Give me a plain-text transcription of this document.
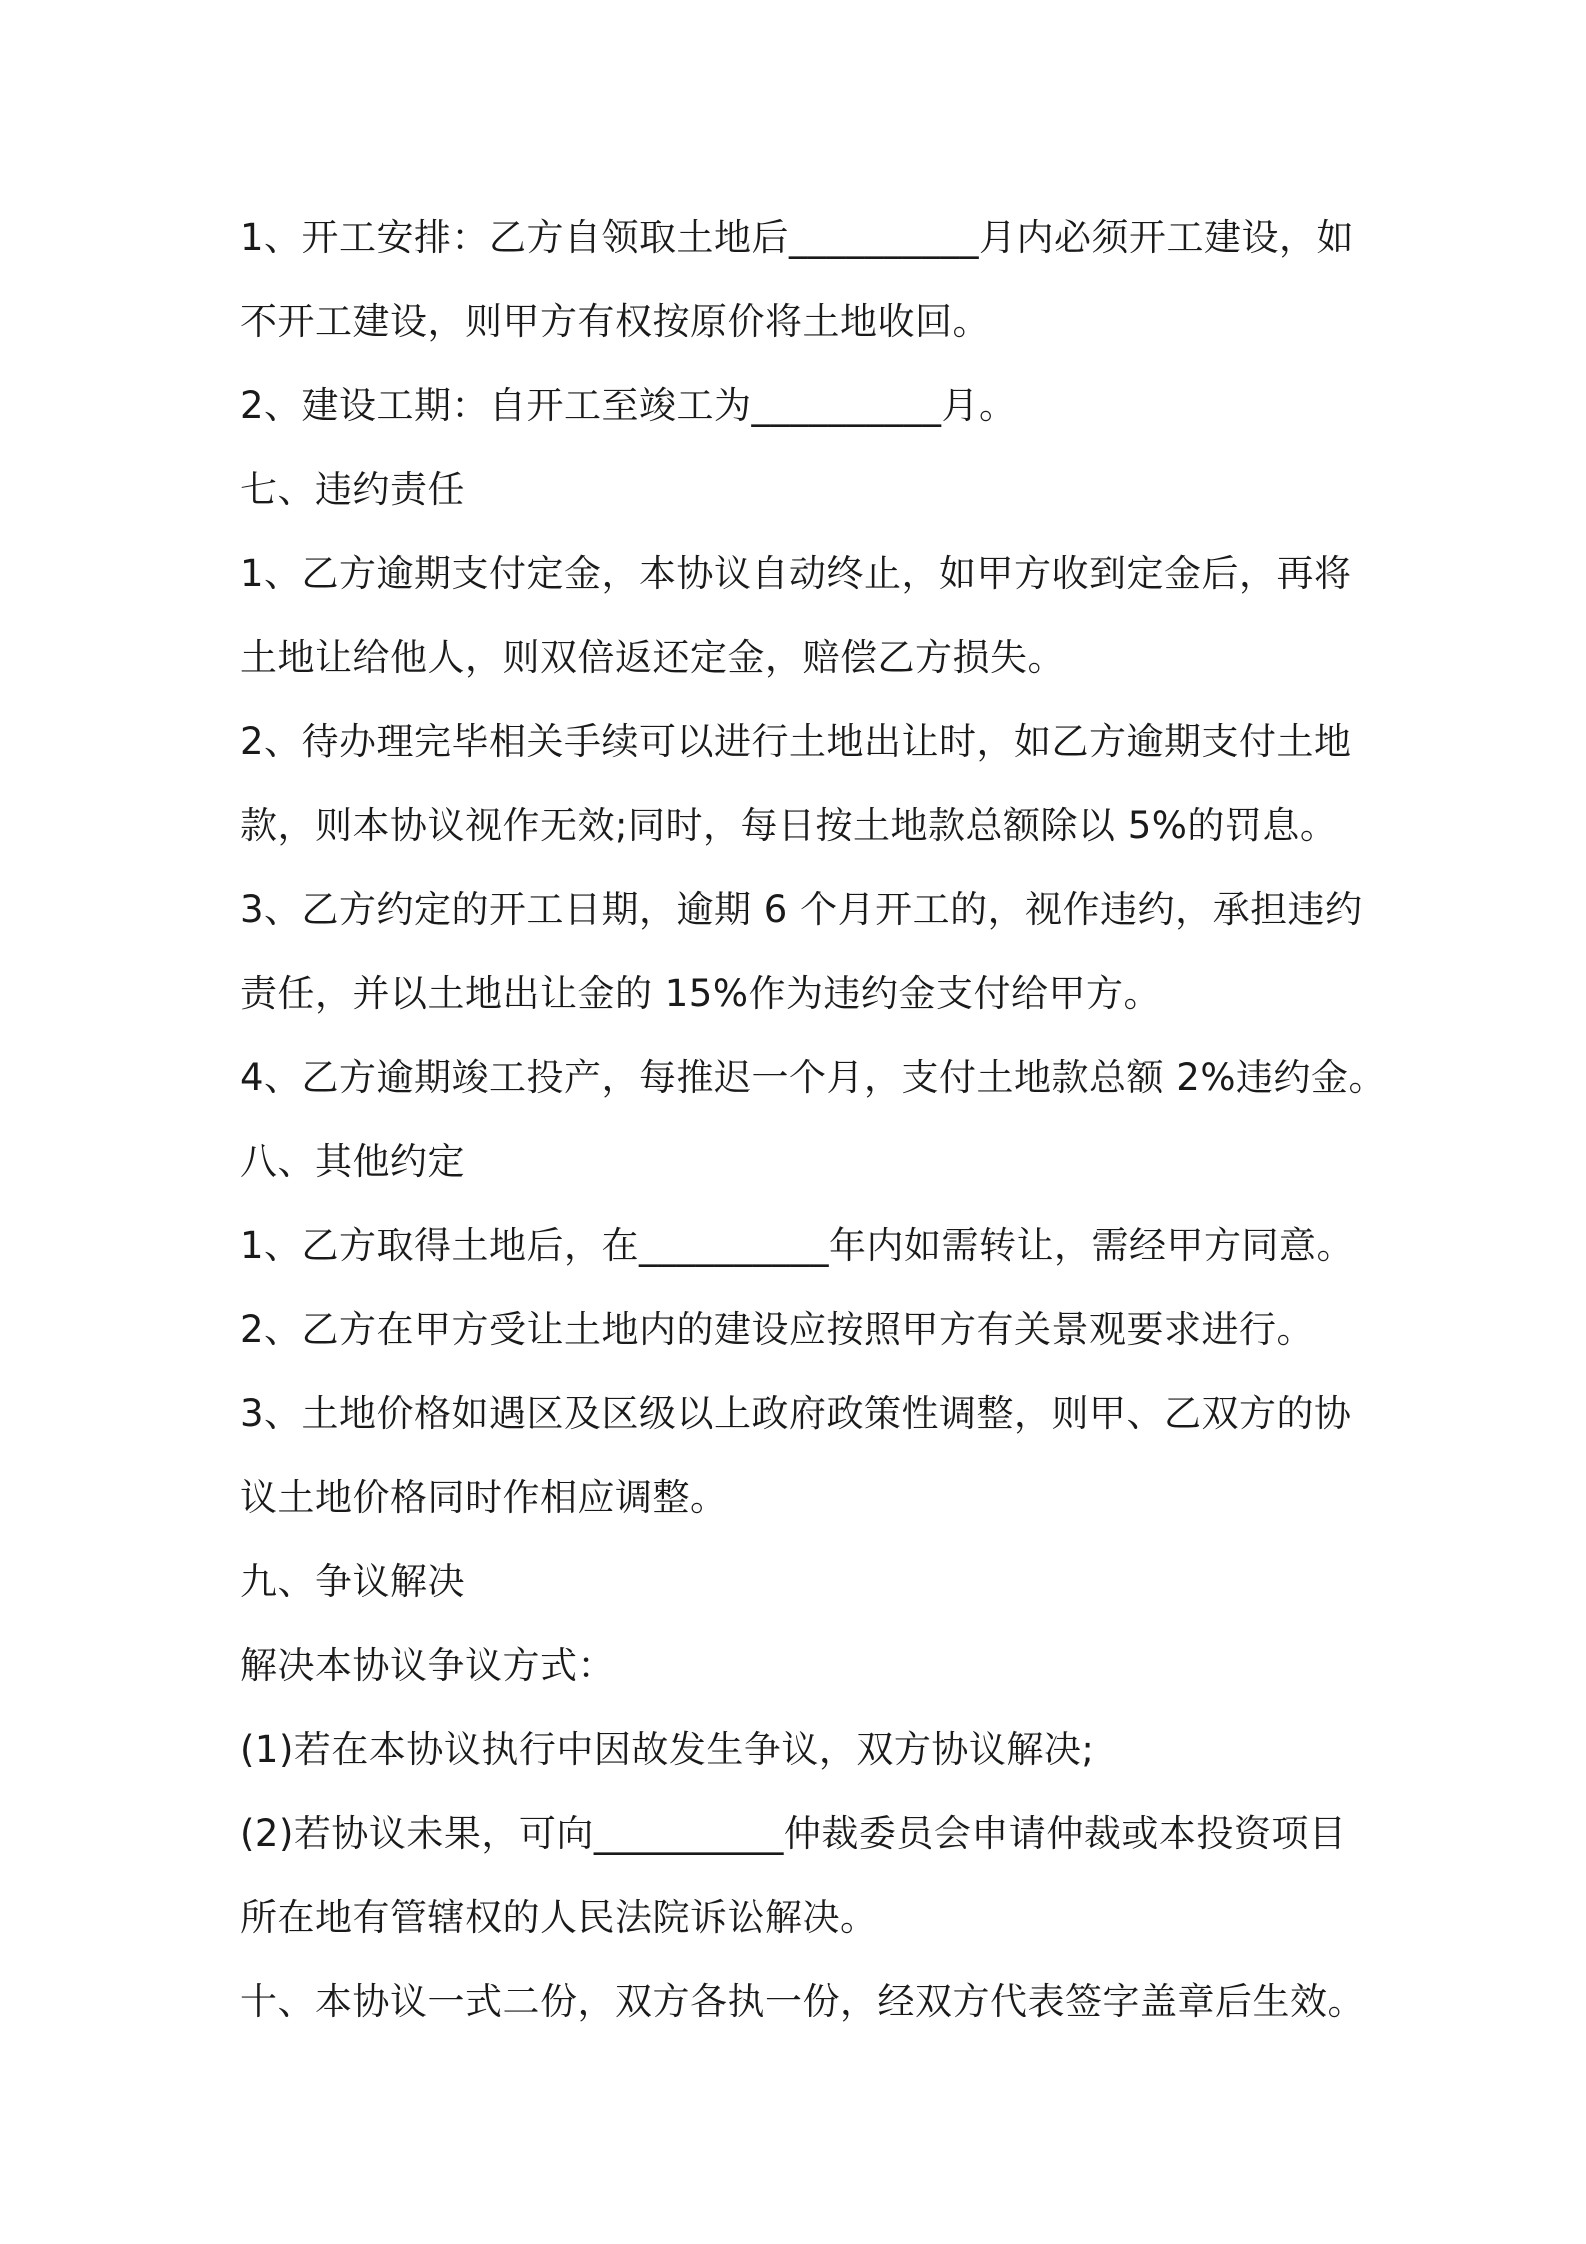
1、开工安排：乙方自领取土地后__________月内必须开工建设，如
不开工建设，则甲方有权按原价将土地收回。
2、建设工期：自开工至竣工为__________月。
七、违约责任
1、乙方逾期支付定金，本协议自动终止，如甲方收到定金后，再将
土地让给他人，则双倍返还定金，赔偿乙方损失。
2、待办理完毕相关手续可以进行土地出让时，如乙方逾期支付土地
款，则本协议视作无效;同时，每日按土地款总额除以 5%的罚息。
3、乙方约定的开工日期，逾期 6 个月开工的，视作违约，承担违约
责任，并以土地出让金的 15%作为违约金支付给甲方。
4、乙方逾期竣工投产，每推迟一个月，支付土地款总额 2%违约金。
八、其他约定
1、乙方取得土地后，在__________年内如需转让，需经甲方同意。
2、乙方在甲方受让土地内的建设应按照甲方有关景观要求进行。
3、土地价格如遇区及区级以上政府政策性调整，则甲、乙双方的协
议土地价格同时作相应调整。
九、争议解决
解决本协议争议方式：
(1)若在本协议执行中因故发生争议，双方协议解决;
(2)若协议未果，可向__________仲裁委员会申请仲裁或本投资项目
所在地有管辖权的人民法院诉讼解决。
十、本协议一式二份，双方各执一份，经双方代表签字盖章后生效。
